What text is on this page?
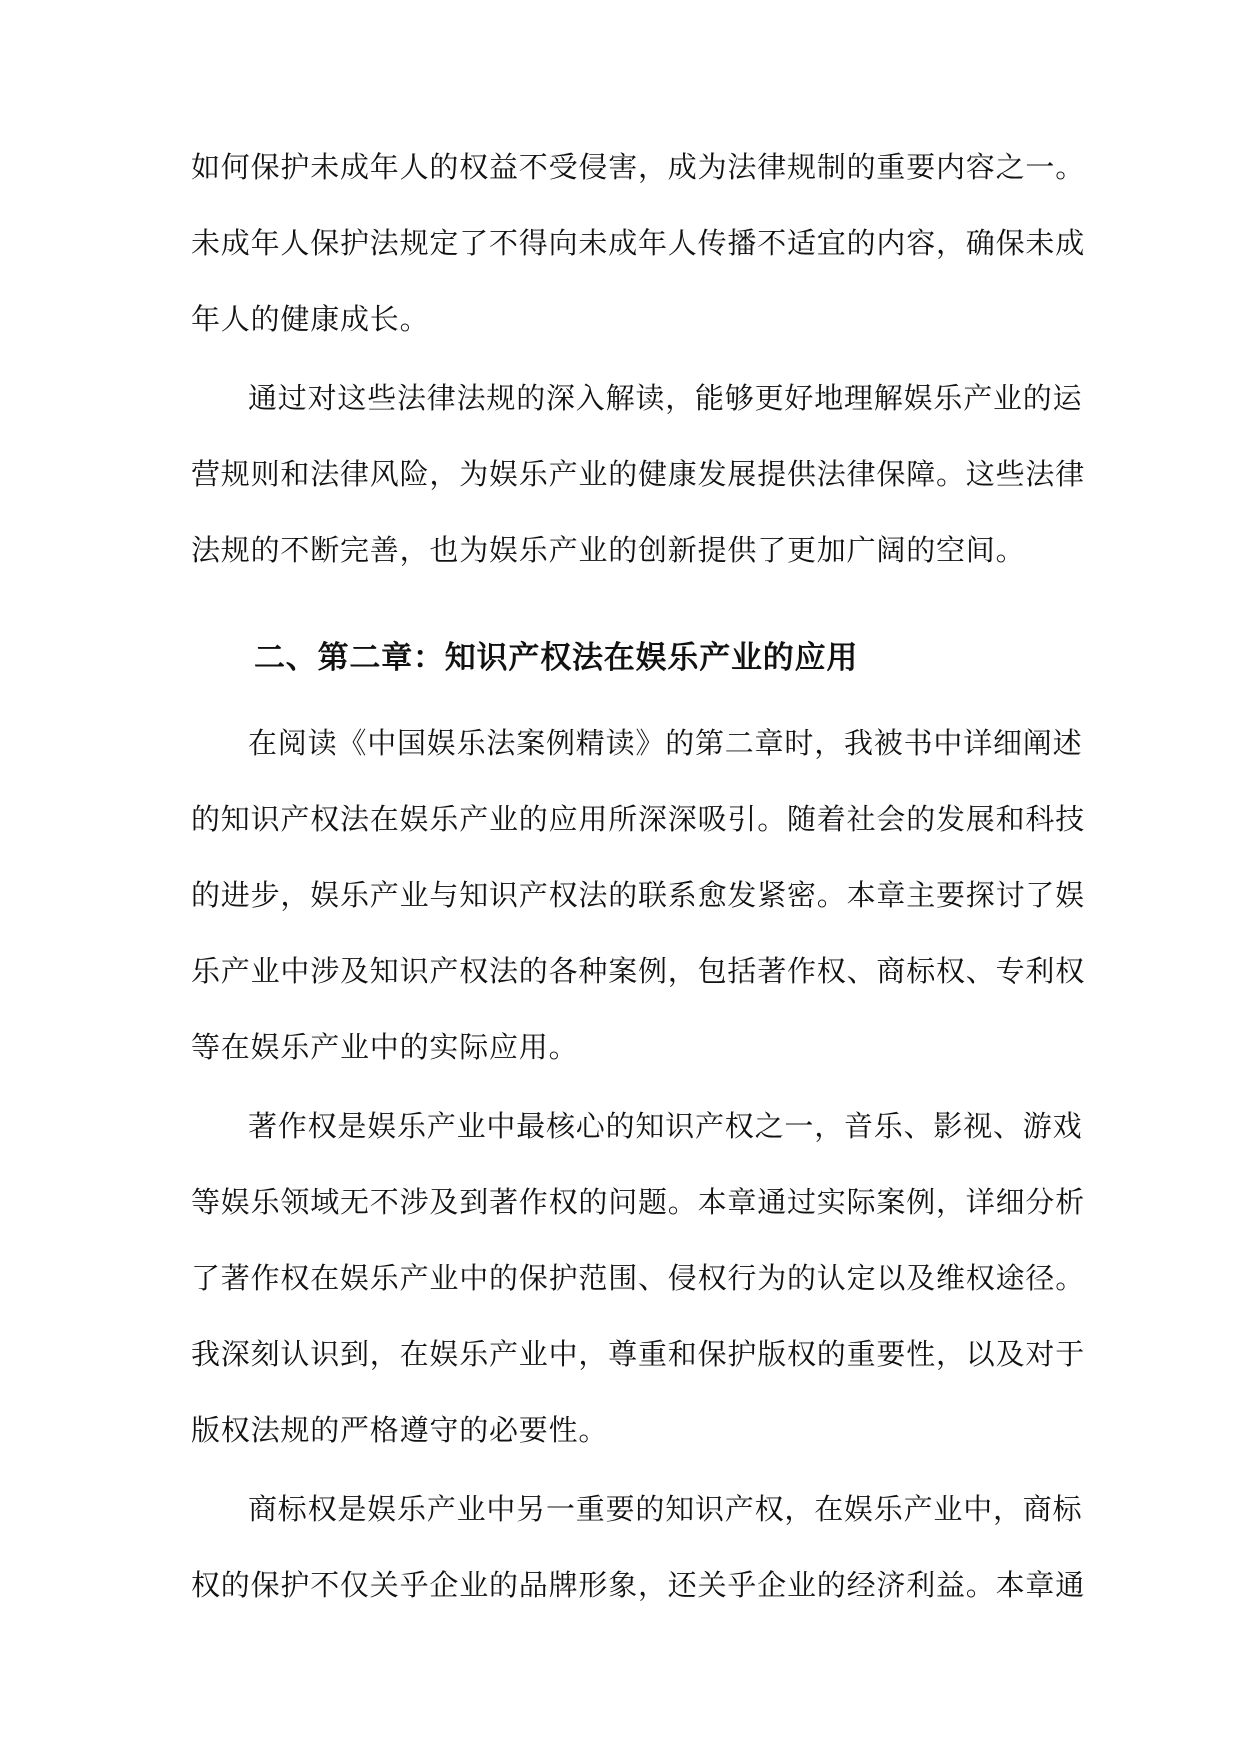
如何保护未成年人的权益不受侵害，成为法律规制的重要内容之一。

未成年人保护法规定了不得向未成年人传播不适宜的内容，确保未成

年人的健康成长。

通过对这些法律法规的深入解读，能够更好地理解娱乐产业的运

营规则和法律风险，为娱乐产业的健康发展提供法律保障。这些法律

法规的不断完善，也为娱乐产业的创新提供了更加广阔的空间。

二、第二章：知识产权法在娱乐产业的应用

在阅读《中国娱乐法案例精读》的第二章时，我被书中详细阐述

的知识产权法在娱乐产业的应用所深深吸引。随着社会的发展和科技

的进步，娱乐产业与知识产权法的联系愈发紧密。本章主要探讨了娱

乐产业中涉及知识产权法的各种案例，包括著作权、商标权、专利权

等在娱乐产业中的实际应用。

著作权是娱乐产业中最核心的知识产权之一，音乐、影视、游戏

等娱乐领域无不涉及到著作权的问题。本章通过实际案例，详细分析

了著作权在娱乐产业中的保护范围、侵权行为的认定以及维权途径。

我深刻认识到，在娱乐产业中，尊重和保护版权的重要性，以及对于

版权法规的严格遵守的必要性。

商标权是娱乐产业中另一重要的知识产权，在娱乐产业中，商标

权的保护不仅关乎企业的品牌形象，还关乎企业的经济利益。本章通
